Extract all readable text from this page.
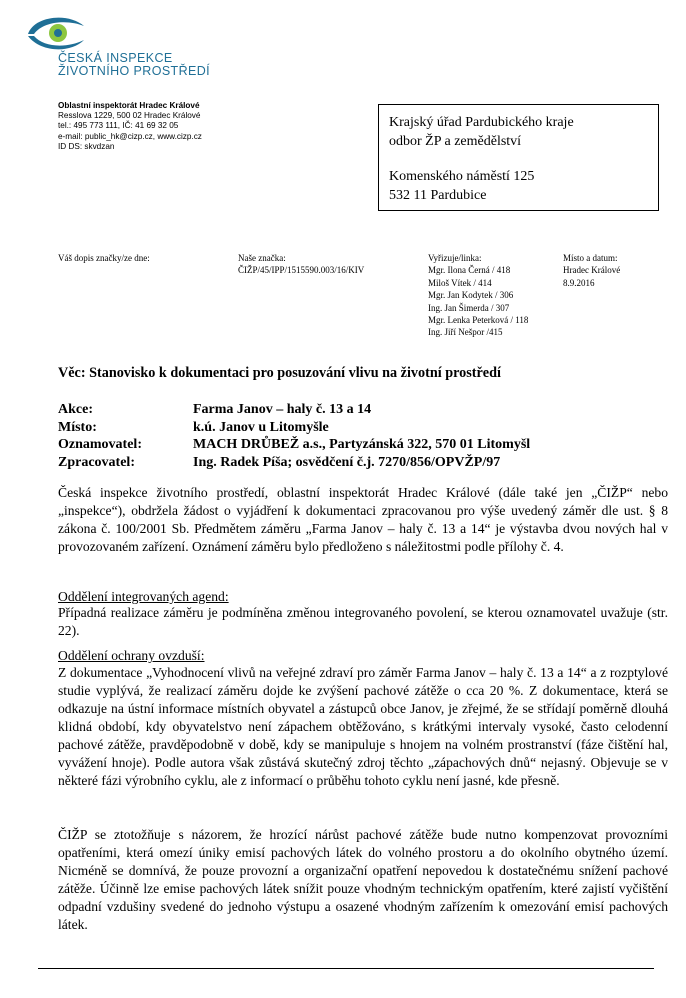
ČESKÁ INSPEKCE
ŽIVOTNÍHO PROSTŘEDÍ
Oblastní inspektorát Hradec Králové
Resslova 1229, 500 02 Hradec Králové
tel.: 495 773 111, IČ: 41 69 32 05
e-mail: public_hk@cizp.cz, www.cizp.cz
ID DS: skvdzan
Krajský úřad Pardubického kraje
odbor ŽP a zemědělství
Komenského náměstí 125
532 11 Pardubice
Váš dopis značky/ze dne:	Naše značka:
ČIŽP/45/IPP/1515590.003/16/KIV
Vyřizuje/linka:
Mgr. Ilona Černá / 418
Miloš Vítek / 414
Mgr. Jan Kodytek / 306
Ing. Jan Šimerda / 307
Mgr. Lenka Peterková / 118
Ing. Jiří Nešpor /415
Místo a datum:
Hradec Králové
8.9.2016
Věc: Stanovisko k dokumentaci pro posuzování vlivu na životní prostředí
Akce:	Farma Janov – haly č. 13 a 14
Místo:	k.ú. Janov u Litomyšle
Oznamovatel:	MACH DRŮBEŽ a.s., Partyzánská 322, 570 01 Litomyšl
Zpracovatel:	Ing. Radek Píša; osvědčení č.j. 7270/856/OPVŽP/97
Česká inspekce životního prostředí, oblastní inspektorát Hradec Králové (dále také jen „ČIŽP“ nebo „inspekce“), obdržela žádost o vyjádření k dokumentaci zpracovanou pro výše uvedený záměr dle ust. § 8 zákona č. 100/2001 Sb. Předmětem záměru „Farma Janov – haly č. 13 a 14“ je výstavba dvou nových hal v provozovaném zařízení. Oznámení záměru bylo předloženo s náležitostmi podle přílohy č. 4.
Oddělení integrovaných agend:
Případná realizace záměru je podmíněna změnou integrovaného povolení, se kterou oznamovatel uvažuje (str. 22).
Oddělení ochrany ovzduší:
Z dokumentace „Vyhodnocení vlivů na veřejné zdraví pro záměr Farma Janov – haly č. 13 a 14“ a z rozptylové studie vyplývá, že realizací záměru dojde ke zvýšení pachové zátěže o cca 20 %. Z dokumentace, která se odkazuje na ústní informace místních obyvatel a zástupců obce Janov, je zřejmé, že se střídají poměrně dlouhá klidná období, kdy obyvatelstvo není zápachem obtěžováno, s krátkými intervaly vysoké, často celodenní pachové zátěže, pravděpodobně v době, kdy se manipuluje s hnojem na volném prostranství (fáze čištění hal, vyvážení hnoje). Podle autora však zůstává skutečný zdroj těchto „zápachových dnů“ nejasný. Objevuje se v některé fázi výrobního cyklu, ale z informací o průběhu tohoto cyklu není jasné, kde přesně.
ČIŽP se ztotožňuje s názorem, že hrozící nárůst pachové zátěže bude nutno kompenzovat provozními opatřeními, která omezí úniky emisí pachových látek do volného prostoru a do okolního obytného území. Nicméně se domnívá, že pouze provozní a organizační opatření nepovedou k dostatečnému snížení pachové zátěže. Účinně lze emise pachových látek snížit pouze vhodným technickým opatřením, které zajistí vyčištění odpadní vzdušiny svedené do jednoho výstupu a osazené vhodným zařízením k omezování emisí pachových látek.
